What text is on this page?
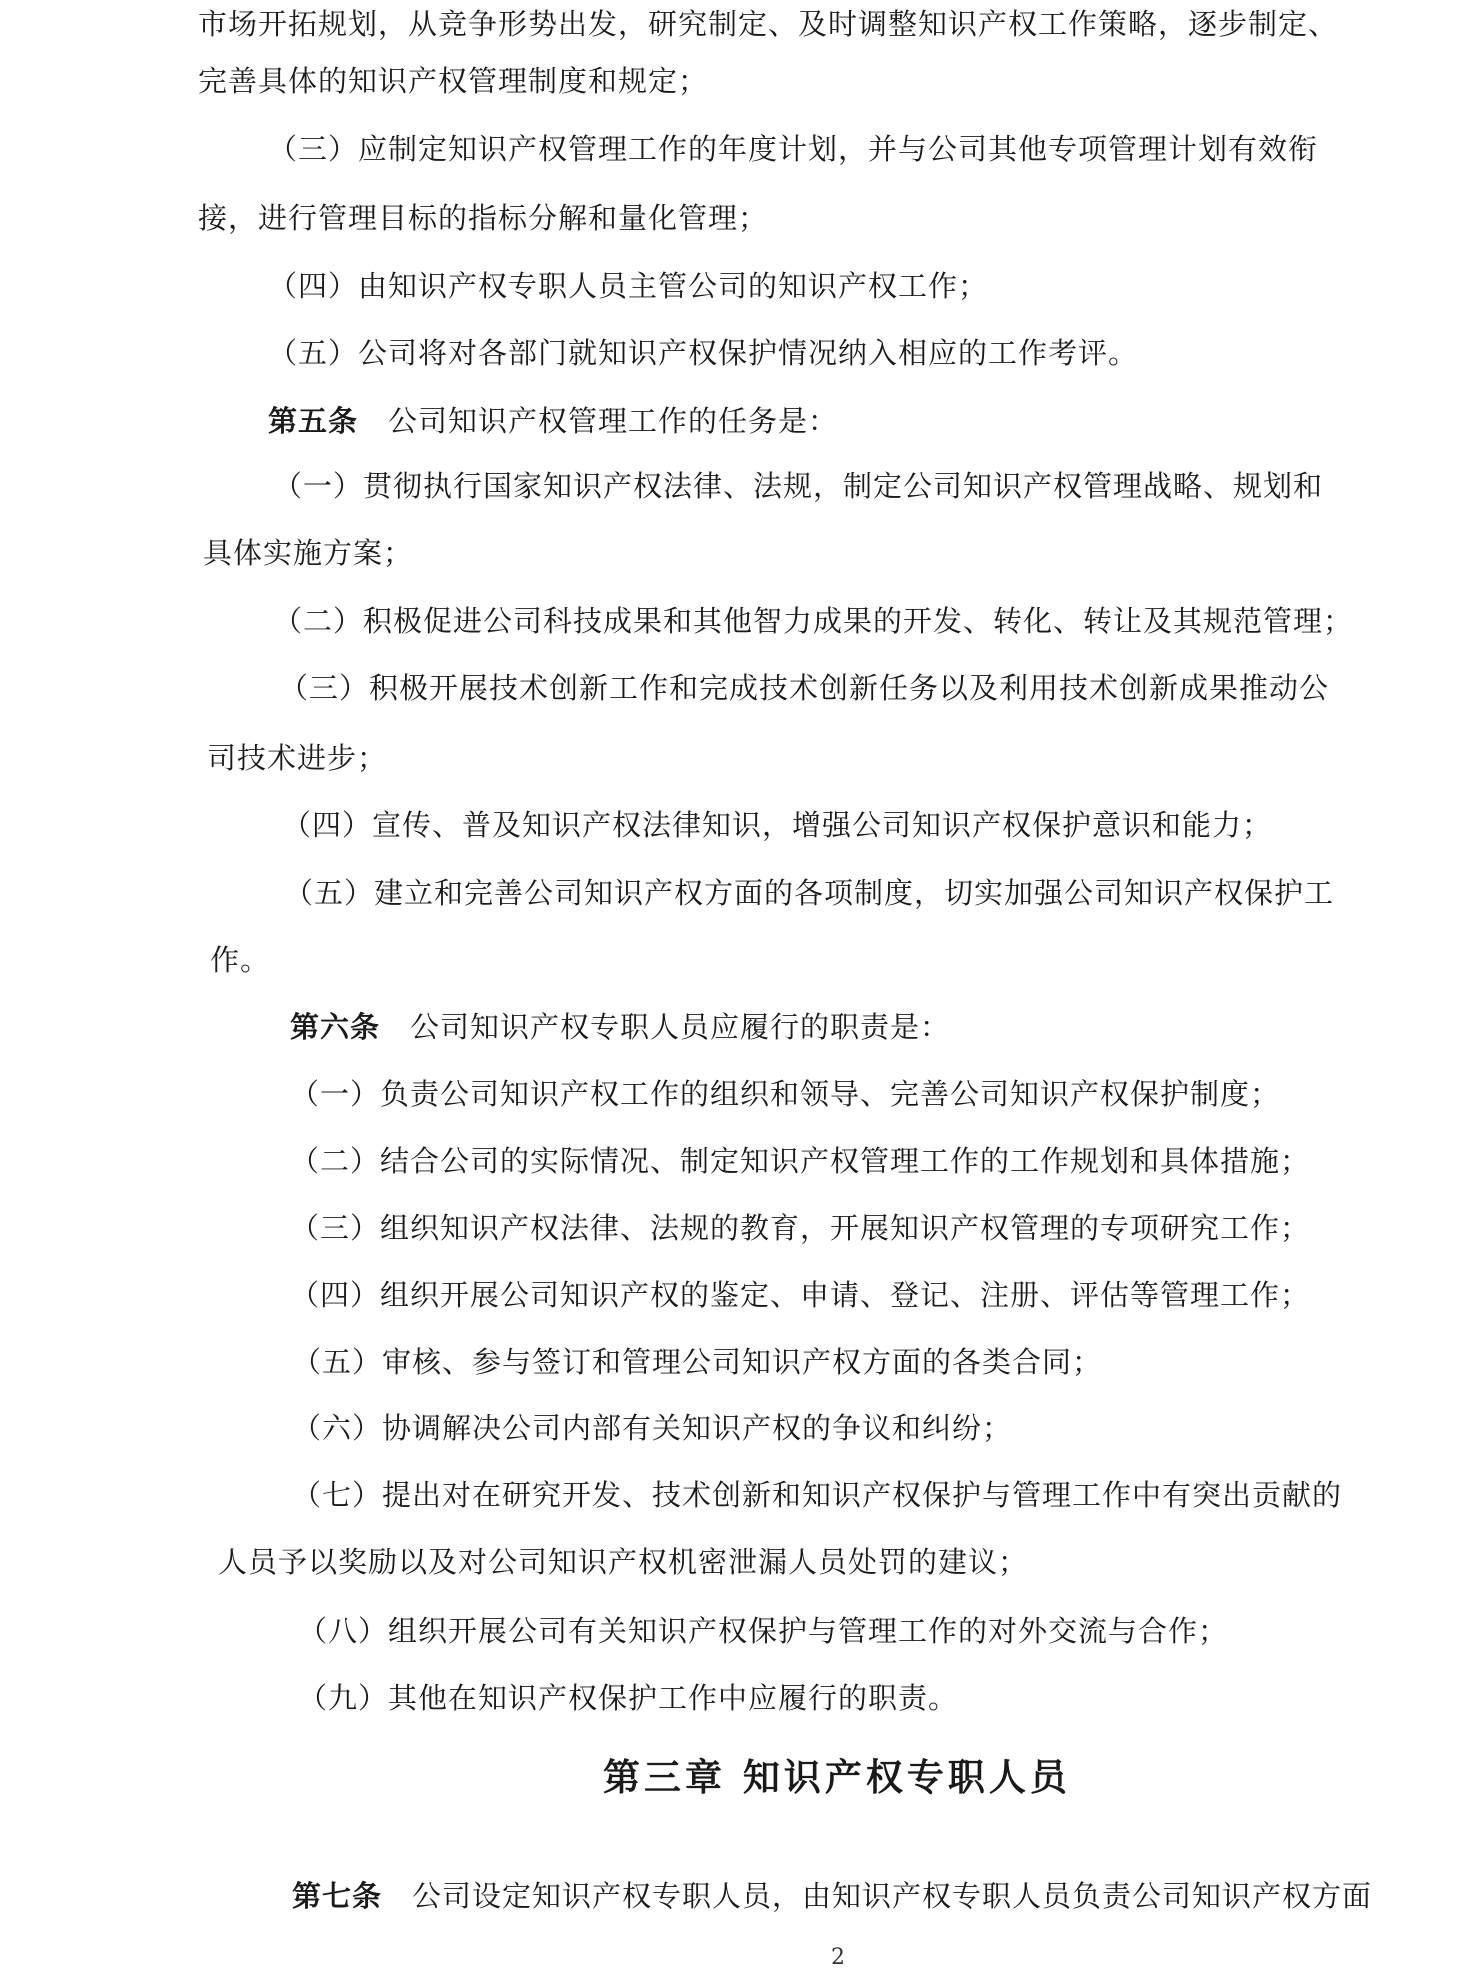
市场开拓规划，从竞争形势出发，研究制定、及时调整知识产权工作策略，逐步制定、
完善具体的知识产权管理制度和规定；
（三）应制定知识产权管理工作的年度计划，并与公司其他专项管理计划有效衔
接，进行管理目标的指标分解和量化管理；
（四）由知识产权专职人员主管公司的知识产权工作；
（五）公司将对各部门就知识产权保护情况纳入相应的工作考评。
第五条 公司知识产权管理工作的任务是：
（一）贯彻执行国家知识产权法律、法规，制定公司知识产权管理战略、规划和
具体实施方案；
（二）积极促进公司科技成果和其他智力成果的开发、转化、转让及其规范管理；
（三）积极开展技术创新工作和完成技术创新任务以及利用技术创新成果推动公
司技术进步；
（四）宣传、普及知识产权法律知识，增强公司知识产权保护意识和能力；
（五）建立和完善公司知识产权方面的各项制度，切实加强公司知识产权保护工
作。
第六条 公司知识产权专职人员应履行的职责是：
（一）负责公司知识产权工作的组织和领导、完善公司知识产权保护制度；
（二）结合公司的实际情况、制定知识产权管理工作的工作规划和具体措施；
（三）组织知识产权法律、法规的教育，开展知识产权管理的专项研究工作；
（四）组织开展公司知识产权的鉴定、申请、登记、注册、评估等管理工作；
（五）审核、参与签订和管理公司知识产权方面的各类合同；
（六）协调解决公司内部有关知识产权的争议和纠纷；
（七）提出对在研究开发、技术创新和知识产权保护与管理工作中有突出贡献的
人员予以奖励以及对公司知识产权机密泄漏人员处罚的建议；
（八）组织开展公司有关知识产权保护与管理工作的对外交流与合作；
（九）其他在知识产权保护工作中应履行的职责。
第三章 知识产权专职人员
第七条 公司设定知识产权专职人员，由知识产权专职人员负责公司知识产权方面
2
